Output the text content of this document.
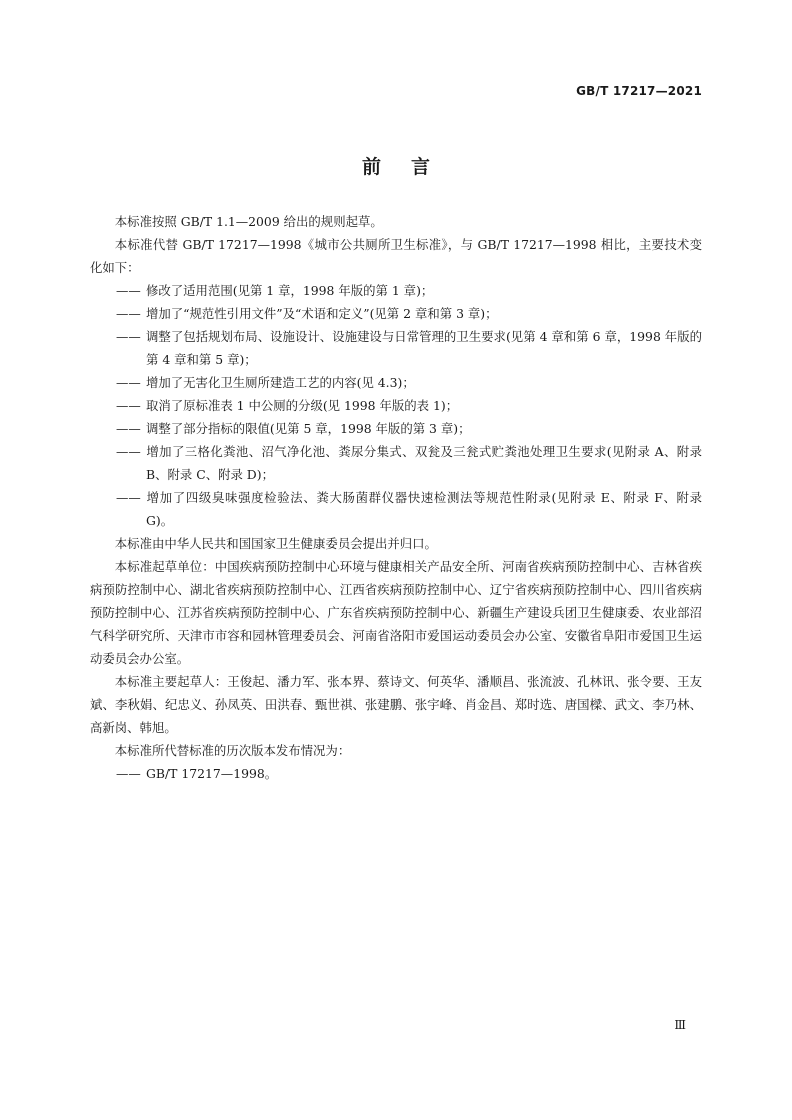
GB/T 17217—2021
前言

本标准按照 GB/T 1.1—2009 给出的规则起草。

本标准代替 GB/T 17217—1998《城市公共厕所卫生标准》，与 GB/T 17217—1998 相比，主要技术变化如下：

—— 修改了适用范围(见第 1 章，1998 年版的第 1 章)；

—— 增加了“规范性引用文件”及“术语和定义”(见第 2 章和第 3 章)；

—— 调整了包括规划布局、设施设计、设施建设与日常管理的卫生要求(见第 4 章和第 6 章，1998 年版的第 4 章和第 5 章)；

—— 增加了无害化卫生厕所建造工艺的内容(见 4.3)；

—— 取消了原标准表 1 中公厕的分级(见 1998 年版的表 1)；

—— 调整了部分指标的限值(见第 5 章，1998 年版的第 3 章)；

—— 增加了三格化粪池、沼气净化池、粪尿分集式、双瓮及三瓮式贮粪池处理卫生要求(见附录 A、附录 B、附录 C、附录 D)；

—— 增加了四级臭味强度检验法、粪大肠菌群仪器快速检测法等规范性附录(见附录 E、附录 F、附录 G)。

本标准由中华人民共和国国家卫生健康委员会提出并归口。

本标准起草单位：中国疾病预防控制中心环境与健康相关产品安全所、河南省疾病预防控制中心、吉林省疾病预防控制中心、湖北省疾病预防控制中心、江西省疾病预防控制中心、辽宁省疾病预防控制中心、四川省疾病预防控制中心、江苏省疾病预防控制中心、广东省疾病预防控制中心、新疆生产建设兵团卫生健康委、农业部沼气科学研究所、天津市市容和园林管理委员会、河南省洛阳市爱国运动委员会办公室、安徽省阜阳市爱国卫生运动委员会办公室。

本标准主要起草人：王俊起、潘力军、张本界、蔡诗文、何英华、潘顺昌、张流波、孔林讯、张令要、王友斌、李秋娟、纪忠义、孙凤英、田洪春、甄世祺、张建鹏、张宇峰、肖金昌、郑时选、唐国樑、武文、李乃林、高新岗、韩旭。

本标准所代替标准的历次版本发布情况为：

—— GB/T 17217—1998。

Ⅲ
